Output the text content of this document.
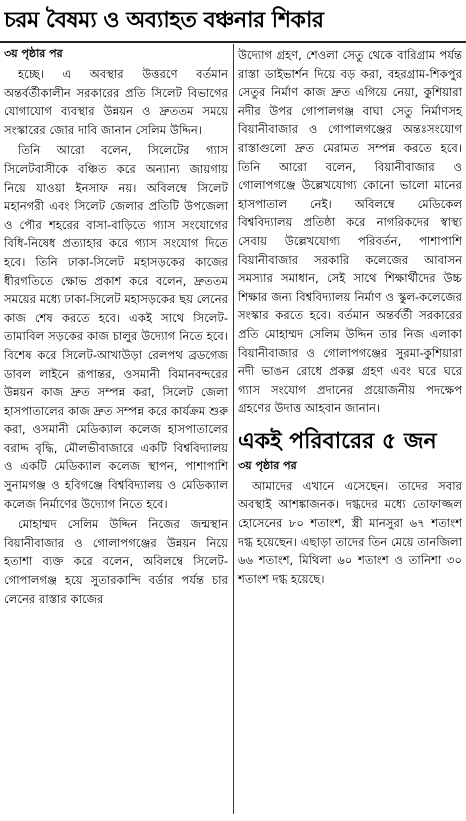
চরম বৈষম্য ও অব্যাহত বঞ্চনার শিকার
৩য় পৃষ্ঠার পর

হচ্ছে। এ অবস্থার উত্তরণে বর্তমান অন্তর্বর্তীকালীন সরকারের প্রতি সিলেট বিভাগের যোগাযোগ ব্যবস্থার উন্নয়ন ও দ্রুততম সময়ে সংস্কারের জোর দাবি জানান সেলিম উদ্দিন।

তিনি আরো বলেন, সিলেটের গ্যাস সিলেটবাসীকে বঞ্চিত করে অন্যান্য জায়গায় নিয়ে যাওয়া ইনসাফ নয়। অবিলম্বে সিলেট মহানগরী এবং সিলেট জেলার প্রতিটি উপজেলা ও পৌর শহরের বাসা-বাড়িতে গ্যাস সংযোগের বিধি-নিষেধ প্রত্যাহার করে গ্যাস সংযোগ দিতে হবে। তিনি ঢাকা-সিলেট মহাসড়কের কাজের ধীরগতিতে ক্ষোভ প্রকাশ করে বলেন, দ্রুততম সময়ের মধ্যে ঢাকা-সিলেট মহাসড়কের ছয় লেনের কাজ শেষ করতে হবে। একই সাথে সিলেট-তামাবিল সড়কের কাজ চালুর উদ্যোগ নিতে হবে। বিশেষ করে সিলেট-আখাউড়া রেলপথ ব্রডগেজ ডাবল লাইনে রূপান্তর, ওসমানী বিমানবন্দরের উন্নয়ন কাজ দ্রুত সম্পন্ন করা, সিলেট জেলা হাসপাতালের কাজ দ্রুত সম্পন্ন করে কার্যক্রম শুরু করা, ওসমানী মেডিক্যাল কলেজ হাসপাতালের বরাদ্দ বৃদ্ধি, মৌলভীবাজারে একটি বিশ্ববিদ্যালয় ও একটি মেডিক্যাল কলেজ স্থাপন, পাশাপাশি সুনামগঞ্জ ও হবিগঞ্জে বিশ্ববিদ্যালয় ও মেডিক্যাল কলেজ নির্মাণের উদ্যোগ নিতে হবে।

মোহাম্মদ সেলিম উদ্দিন নিজের জন্মস্থান বিয়ানীবাজার ও গোলাপগঞ্জের উন্নয়ন নিয়ে হতাশা ব্যক্ত করে বলেন, অবিলম্বে সিলেট-গোপালগঞ্জ হয়ে সুতারকান্দি বর্ডার পর্যন্ত চার লেনের রাস্তার কাজের

উদ্যোগ গ্রহণ, শেওলা সেতু থেকে বারিগ্রাম পর্যন্ত রাস্তা ডাইভার্শন দিয়ে বড় করা, বহরগ্রাম-শিকপুর সেতুর নির্মাণ কাজ দ্রুত এগিয়ে নেয়া, কুশিয়ারা নদীর উপর গোপালগঞ্জ বাঘা সেতু নির্মাণসহ বিয়ানীবাজার ও গোপালগঞ্জের অন্তঃসংযোগ রাস্তাগুলো দ্রুত মেরামত সম্পন্ন করতে হবে। তিনি আরো বলেন, বিয়ানীবাজার ও গোলাপগঞ্জে উল্লেখযোগ্য কোনো ভালো মানের হাসপাতাল নেই। অবিলম্বে মেডিকেল বিশ্ববিদ্যালয় প্রতিষ্ঠা করে নাগরিকদের স্বাস্থ্য সেবায় উল্লেখযোগ্য পরিবর্তন, পাশাপাশি বিয়ানীবাজার সরকারি কলেজের আবাসন সমস্যার সমাধান, সেই সাথে শিক্ষার্থীদের উচ্চ শিক্ষার জন্য বিশ্ববিদ্যালয় নির্মাণ ও স্কুল-কলেজের সংস্কার করতে হবে। বর্তমান অন্তর্বর্তী সরকারের প্রতি মোহাম্মদ সেলিম উদ্দিন তার নিজ এলাকা বিয়ানীবাজার ও গোলাপগঞ্জের সুরমা-কুশিয়ারা নদী ভাঙন রোধে প্রকল্প গ্রহণ এবং ঘরে ঘরে গ্যাস সংযোগ প্রদানের প্রয়োজনীয় পদক্ষেপ গ্রহণের উদাত্ত আহবান জানান।

একই পরিবারের ৫ জন
৩য় পৃষ্ঠার পর

আমাদের এখানে এসেছেন। তাদের সবার অবস্থাই আশঙ্কাজনক। দগ্ধদের মধ্যে তোফাজ্জল হোসেনের ৮০ শতাংশ, স্ত্রী মানসুরা ৬৭ শতাংশ দগ্ধ হয়েছেন। এছাড়া তাদের তিন মেয়ে তানজিলা ৬৬ শতাংশ, মিথিলা ৬০ শতাংশ ও তানিশা ৩০ শতাংশ দগ্ধ হয়েছে।
